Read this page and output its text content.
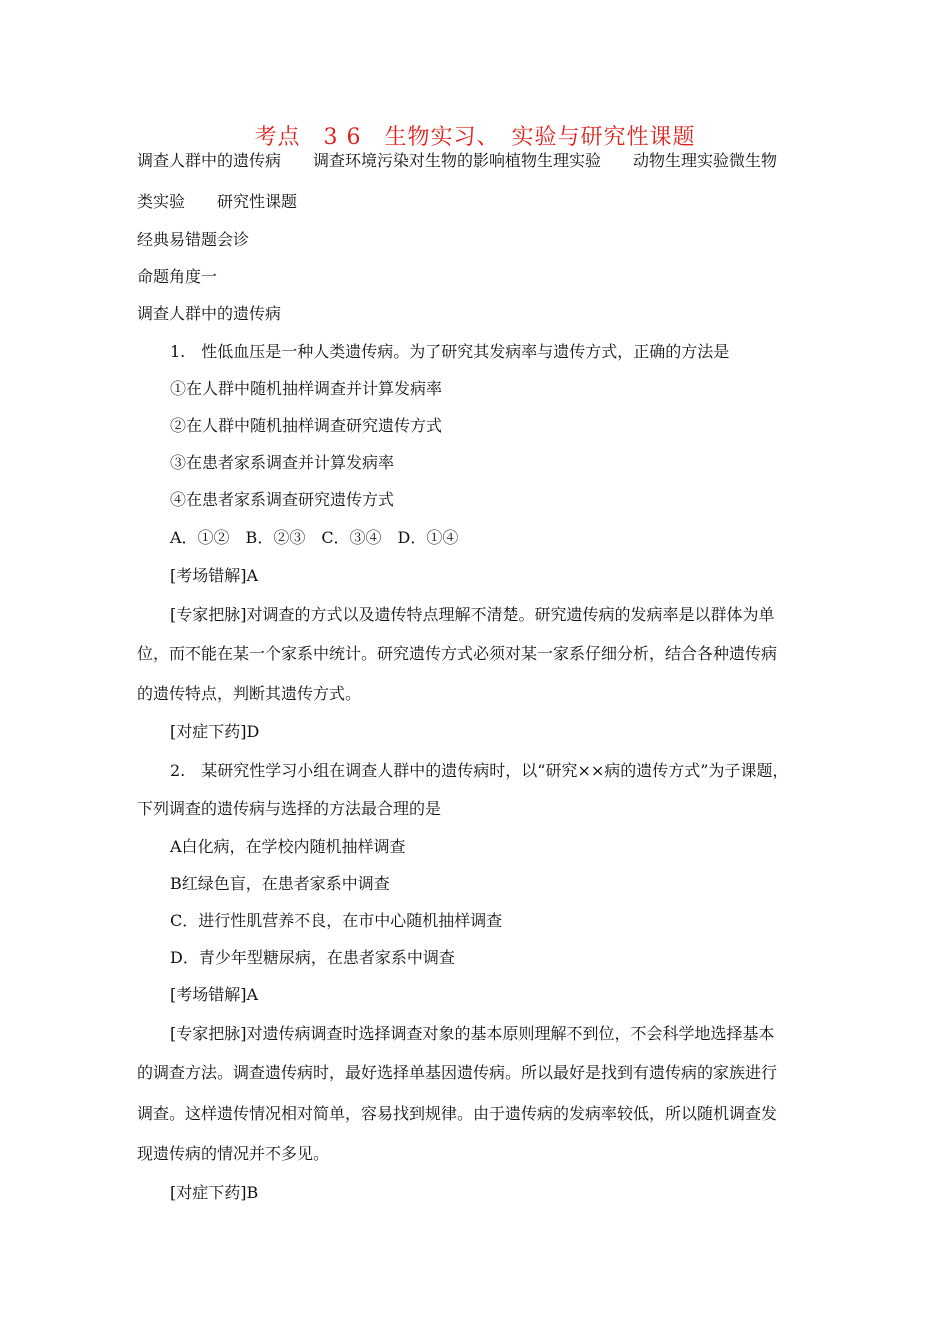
考点　3 6　生物实习、　实验与研究性课题
调查人群中的遗传病　　调查环境污染对生物的影响植物生理实验　　动物生理实验微生物
类实验　　研究性课题
经典易错题会诊
命题角度一
调查人群中的遗传病
1.　性低血压是一种人类遗传病。为了研究其发病率与遗传方式，正确的方法是
①在人群中随机抽样调查并计算发病率
②在人群中随机抽样调查研究遗传方式
③在患者家系调查并计算发病率
④在患者家系调查研究遗传方式
A．①②　B．②③　C．③④　D．①④
[考场错解]A
[专家把脉]对调查的方式以及遗传特点理解不清楚。研究遗传病的发病率是以群体为单
位，而不能在某一个家系中统计。研究遗传方式必须对某一家系仔细分析，结合各种遗传病
的遗传特点，判断其遗传方式。
[对症下药]D
2.　某研究性学习小组在调查人群中的遗传病时，以“研究××病的遗传方式”为子课题，
下列调查的遗传病与选择的方法最合理的是
A白化病，在学校内随机抽样调查
B红绿色盲，在患者家系中调查
C．进行性肌营养不良，在市中心随机抽样调查
D．青少年型糖尿病，在患者家系中调查
[考场错解]A
[专家把脉]对遗传病调查时选择调查对象的基本原则理解不到位，不会科学地选择基本
的调查方法。调查遗传病时，最好选择单基因遗传病。所以最好是找到有遗传病的家族进行
调查。这样遗传情况相对简单，容易找到规律。由于遗传病的发病率较低，所以随机调查发
现遗传病的情况并不多见。
[对症下药]B
